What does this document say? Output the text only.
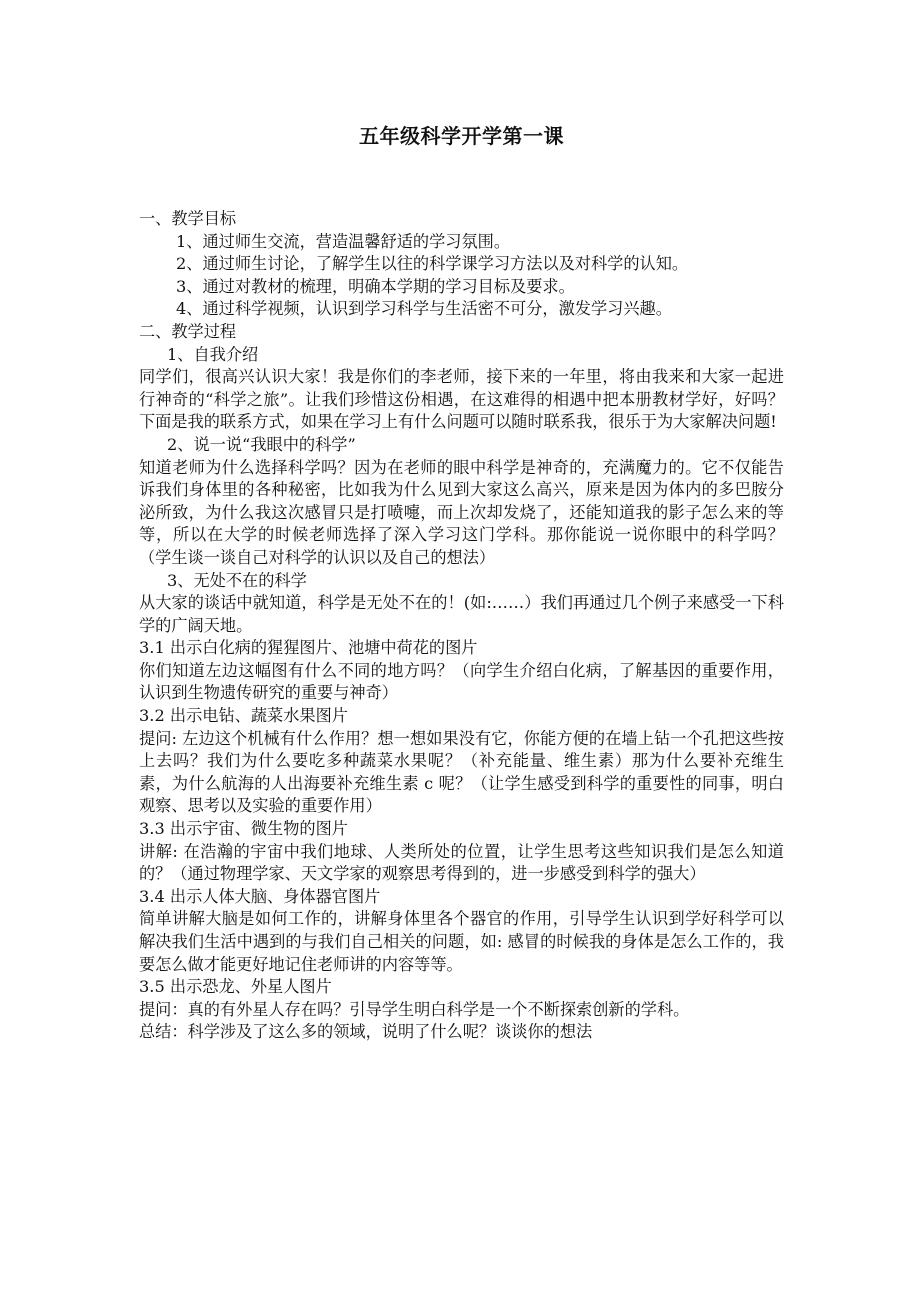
五年级科学开学第一课

一、教学目标

1、通过师生交流，营造温馨舒适的学习氛围。

2、通过师生讨论，了解学生以往的科学课学习方法以及对科学的认知。

3、通过对教材的梳理，明确本学期的学习目标及要求。

4、通过科学视频，认识到学习科学与生活密不可分，激发学习兴趣。

二、教学过程

1、自我介绍

同学们，很高兴认识大家！我是你们的李老师，接下来的一年里，将由我来和大家一起进行神奇的“科学之旅”。让我们珍惜这份相遇，在这难得的相遇中把本册教材学好，好吗？下面是我的联系方式，如果在学习上有什么问题可以随时联系我，很乐于为大家解决问题!

2、说一说“我眼中的科学”

知道老师为什么选择科学吗？因为在老师的眼中科学是神奇的，充满魔力的。它不仅能告诉我们身体里的各种秘密，比如我为什么见到大家这么高兴，原来是因为体内的多巴胺分泌所致，为什么我这次感冒只是打喷嚏，而上次却发烧了，还能知道我的影子怎么来的等等，所以在大学的时候老师选择了深入学习这门学科。那你能说一说你眼中的科学吗？（学生谈一谈自己对科学的认识以及自己的想法）

3、无处不在的科学

从大家的谈话中就知道，科学是无处不在的！(如:……）我们再通过几个例子来感受一下科学的广阔天地。

3.1 出示白化病的猩猩图片、池塘中荷花的图片

你们知道左边这幅图有什么不同的地方吗？（向学生介绍白化病，了解基因的重要作用，认识到生物遗传研究的重要与神奇）

3.2 出示电钻、蔬菜水果图片

提问: 左边这个机械有什么作用？想一想如果没有它，你能方便的在墙上钻一个孔把这些按上去吗？我们为什么要吃多种蔬菜水果呢？（补充能量、维生素）那为什么要补充维生素，为什么航海的人出海要补充维生素 c 呢？（让学生感受到科学的重要性的同事，明白观察、思考以及实验的重要作用）

3.3 出示宇宙、微生物的图片

讲解: 在浩瀚的宇宙中我们地球、人类所处的位置，让学生思考这些知识我们是怎么知道的？（通过物理学家、天文学家的观察思考得到的，进一步感受到科学的强大）

3.4 出示人体大脑、身体器官图片

简单讲解大脑是如何工作的，讲解身体里各个器官的作用，引导学生认识到学好科学可以解决我们生活中遇到的与我们自己相关的问题，如: 感冒的时候我的身体是怎么工作的，我要怎么做才能更好地记住老师讲的内容等等。

3.5 出示恐龙、外星人图片

提问：真的有外星人存在吗？引导学生明白科学是一个不断探索创新的学科。

总结：科学涉及了这么多的领域，说明了什么呢？谈谈你的想法
